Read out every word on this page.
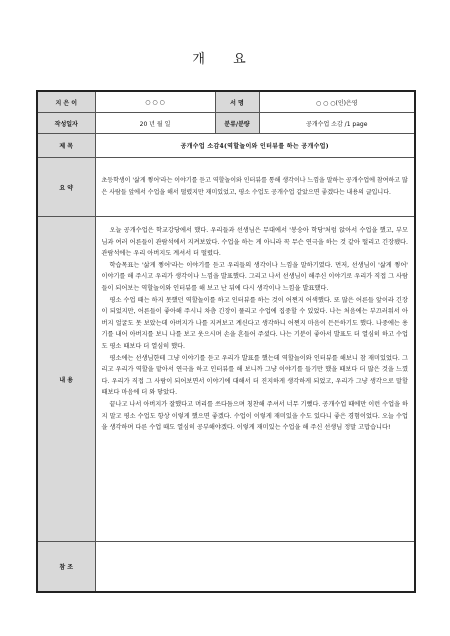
개 요
지 은 이	○ ○ ○	서 명	○ ○ ○(인)은영
작성일자	20 년 월 일	분류/분량	공개수업 소감 /1 page
제 목	공개수업 소감4(역할놀이와 인터뷰를 하는 공개수업)		
요 약	초등학생이 '삶게 찧어'라는 이야기를 듣고 역할놀이와 인터뷰를 통해 생각이나 느낌을 말하는 공개수업에 참여하고 많은 사람들 앞에서 수업을 해서 떨렸지만 재미있었고, 평소 수업도 공개수업 같았으면 좋겠다는 내용의 글입니다.		
내 용	오늘 공개수업은 학교강당에서 했다. 우리들과 선생님은 무대에서 '봉숭아 학당'처럼 앉아서 수업을 했고, 부모님과 여러 어른들이 관람석에서 지켜보았다. 수업을 하는 게 아니라 꼭 무슨 연극을 하는 것 같아 떨리고 긴장됐다. 관람석에는 우리 아버지도 계셔서 더 떨렸다.

학습목표는 '삶게 찧어'라는 이야기를 듣고 우리들의 생각이나 느낌을 말하기였다. 먼저, 선생님이 '삶게 찧어' 이야기를 해 주시고 우리가 생각이나 느낌을 발표했다. 그리고 나서 선생님이 해주신 이야기로 우리가 직접 그 사람들이 되어보는 역할놀이와 인터뷰를 해 보고 난 뒤에 다시 생각이나 느낌을 발표했다.

평소 수업 때는 하지 못했던 역할놀이를 하고 인터뷰를 하는 것이 어쩐지 어색했다. 또 많은 어른들 앞이라 긴장이 되었지만, 어른들이 좋아해 주시니 차츰 긴장이 풀리고 수업에 집중할 수 있었다. 나는 처음에는 부끄러워서 아버지 얼굴도 못 보았는데 아버지가 나를 지켜보고 계신다고 생각하니 어쩐지 마음이 든든하기도 했다. 나중에는 용기를 내어 아버지를 보니 나를 보고 웃으시며 손을 흔들어 주셨다. 나는 기분이 좋아서 발표도 더 열심히 하고 수업도 평소 때보다 더 열심히 했다.

평소에는 선생님한테 그냥 이야기를 듣고 우리가 발표를 했는데 역할놀이와 인터뷰를 해보니 참 재미있었다. 그리고 우리가 역할을 맡아서 연극을 하고 인터뷰를 해 보니까 그냥 이야기를 들기만 했을 때보다 더 많은 것을 느꼈다. 우리가 직접 그 사람이 되어보면서 이야기에 대해서 더 진지하게 생각하게 되었고, 우리가 그냥 생각으로 말할 때보다 마음에 더 와 닿았다.

끝나고 나서 아버지가 잘했다고 머리를 쓰다듬으며 칭찬해 주셔서 너무 기뻤다. 공개수업 때에만 이런 수업을 하지 말고 평소 수업도 항상 이렇게 했으면 좋겠다. 수업이 이렇게 재미있을 수도 있다니 좋은 경험이었다. 오늘 수업을 생각하며 다른 수업 때도 열심히 공부해야겠다. 이렇게 재미있는 수업을 해 주신 선생님 정말 고맙습니다!		

참 조			
